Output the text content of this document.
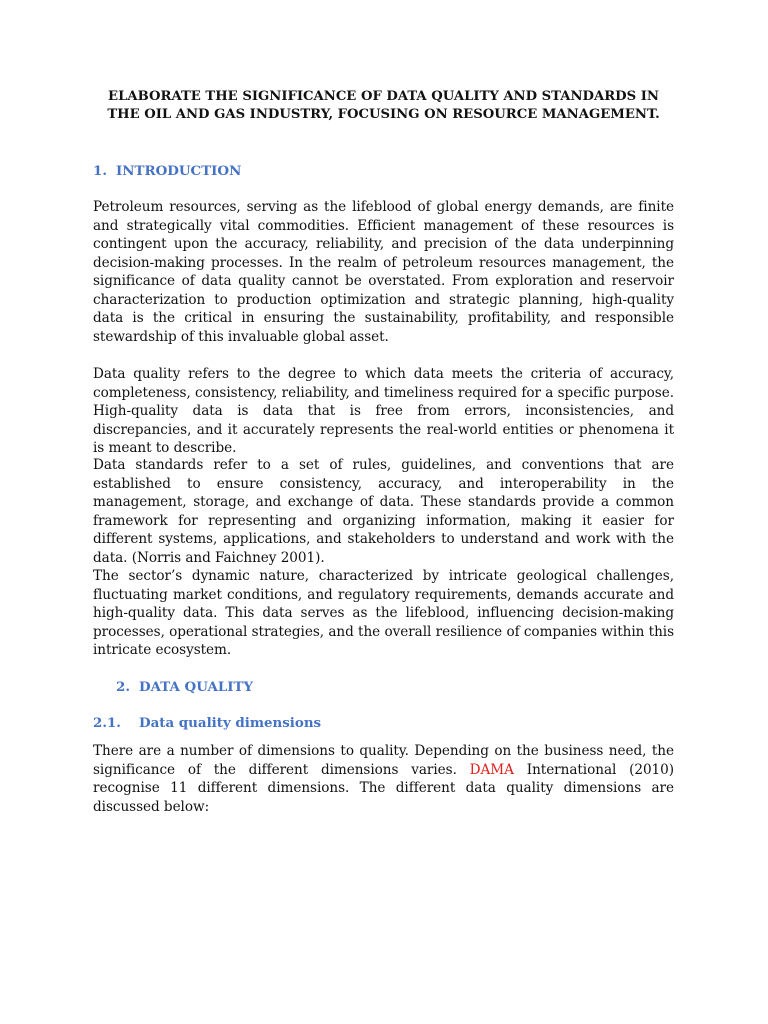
ELABORATE THE SIGNIFICANCE OF DATA QUALITY AND STANDARDS IN THE OIL AND GAS INDUSTRY, FOCUSING ON RESOURCE MANAGEMENT.

1. INTRODUCTION

Petroleum resources, serving as the lifeblood of global energy demands, are finite and strategically vital commodities. Efficient management of these resources is contingent upon the accuracy, reliability, and precision of the data underpinning decision-making processes. In the realm of petroleum resources management, the significance of data quality cannot be overstated. From exploration and reservoir characterization to production optimization and strategic planning, high-quality data is the critical in ensuring the sustainability, profitability, and responsible stewardship of this invaluable global asset.

Data quality refers to the degree to which data meets the criteria of accuracy, completeness, consistency, reliability, and timeliness required for a specific purpose. High-quality data is data that is free from errors, inconsistencies, and discrepancies, and it accurately represents the real-world entities or phenomena it is meant to describe.

Data standards refer to a set of rules, guidelines, and conventions that are established to ensure consistency, accuracy, and interoperability in the management, storage, and exchange of data. These standards provide a common framework for representing and organizing information, making it easier for different systems, applications, and stakeholders to understand and work with the data. (Norris and Faichney 2001).

The sector’s dynamic nature, characterized by intricate geological challenges, fluctuating market conditions, and regulatory requirements, demands accurate and high-quality data. This data serves as the lifeblood, influencing decision-making processes, operational strategies, and the overall resilience of companies within this intricate ecosystem.

2. DATA QUALITY
2.1. Data quality dimensions

There are a number of dimensions to quality. Depending on the business need, the significance of the different dimensions varies. DAMA International (2010) recognise 11 different dimensions. The different data quality dimensions are discussed below:
